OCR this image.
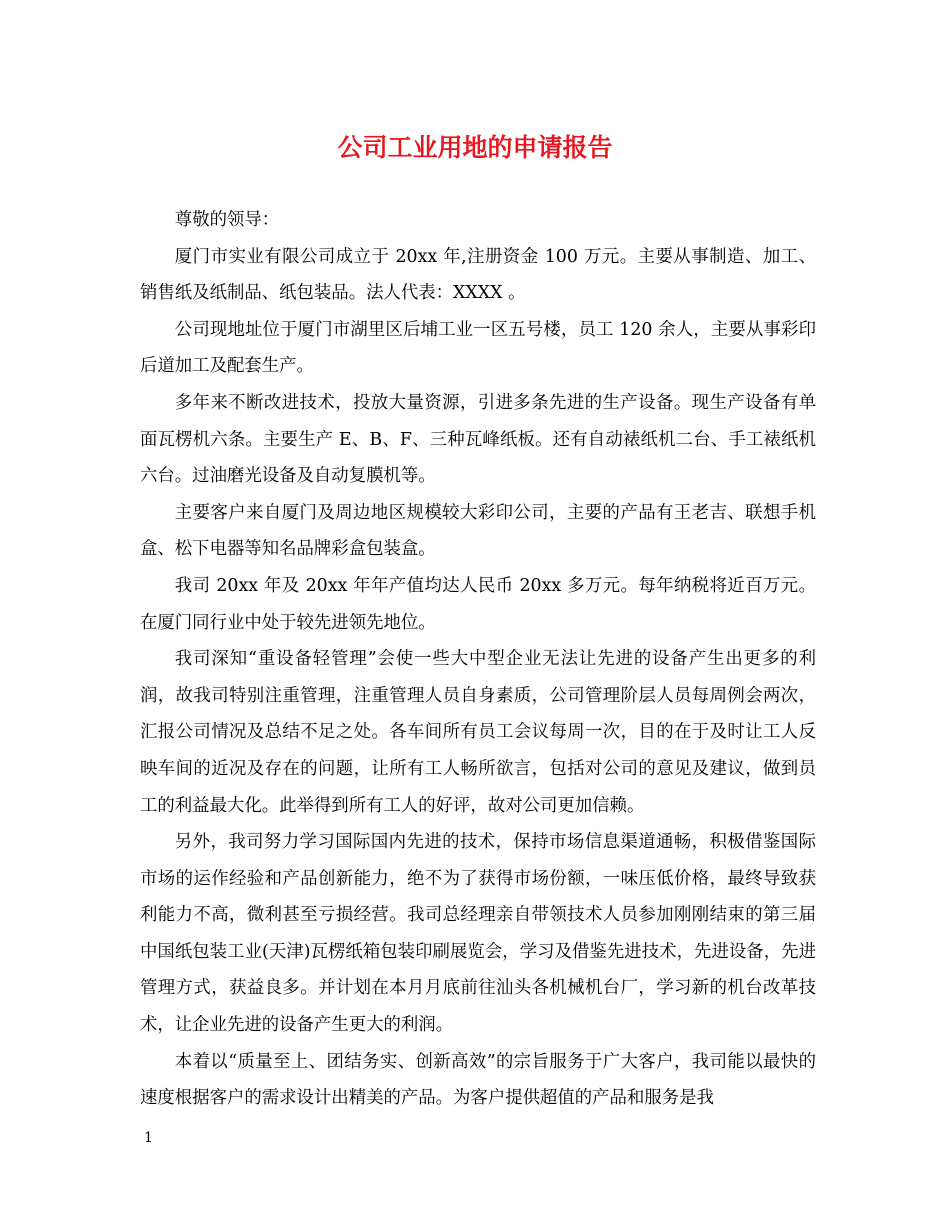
公司工业用地的申请报告

尊敬的领导：

厦门市实业有限公司成立于 20xx 年,注册资金 100 万元。主要从事制造、加工、销售纸及纸制品、纸包装品。法人代表：XXXX 。

公司现地址位于厦门市湖里区后埔工业一区五号楼，员工 120 余人，主要从事彩印后道加工及配套生产。

多年来不断改进技术，投放大量资源，引进多条先进的生产设备。现生产设备有单面瓦楞机六条。主要生产 E、B、F、三种瓦峰纸板。还有自动裱纸机二台、手工裱纸机六台。过油磨光设备及自动复膜机等。

主要客户来自厦门及周边地区规模较大彩印公司，主要的产品有王老吉、联想手机盒、松下电器等知名品牌彩盒包装盒。

我司 20xx 年及 20xx 年年产值均达人民币 20xx 多万元。每年纳税将近百万元。在厦门同行业中处于较先进领先地位。

我司深知“重设备轻管理”会使一些大中型企业无法让先进的设备产生出更多的利润，故我司特别注重管理，注重管理人员自身素质，公司管理阶层人员每周例会两次，汇报公司情况及总结不足之处。各车间所有员工会议每周一次，目的在于及时让工人反映车间的近况及存在的问题，让所有工人畅所欲言，包括对公司的意见及建议，做到员工的利益最大化。此举得到所有工人的好评，故对公司更加信赖。

另外，我司努力学习国际国内先进的技术，保持市场信息渠道通畅，积极借鉴国际市场的运作经验和产品创新能力，绝不为了获得市场份额，一味压低价格，最终导致获利能力不高，微利甚至亏损经营。我司总经理亲自带领技术人员参加刚刚结束的第三届中国纸包装工业(天津)瓦楞纸箱包装印刷展览会，学习及借鉴先进技术，先进设备，先进管理方式，获益良多。并计划在本月月底前往汕头各机械机台厂，学习新的机台改革技术，让企业先进的设备产生更大的利润。

本着以“质量至上、团结务实、创新高效”的宗旨服务于广大客户，我司能以最快的速度根据客户的需求设计出精美的产品。为客户提供超值的产品和服务是我

1
